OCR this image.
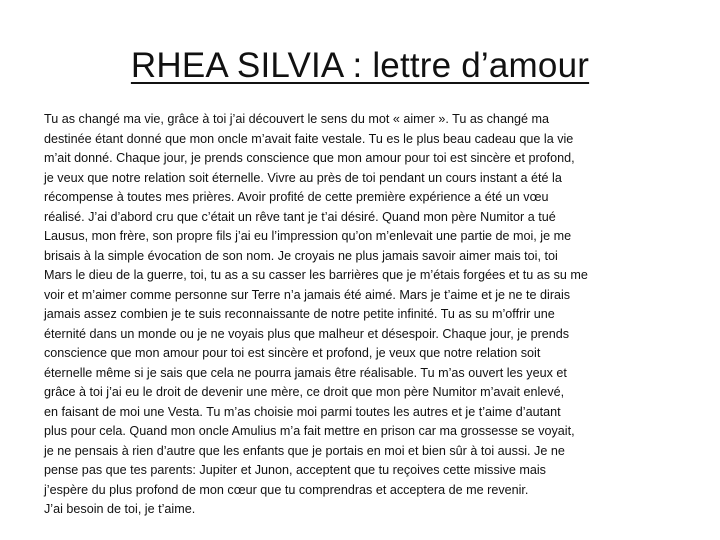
RHEA SILVIA : lettre d’amour
Tu as changé ma vie, grâce à toi j’ai découvert le sens du mot « aimer ». Tu as changé ma
destinée étant donné que mon oncle m’avait faite vestale. Tu es le plus beau cadeau que la vie
m’ait donné. Chaque jour, je prends conscience que mon amour pour toi est sincère et profond,
je veux que notre relation soit éternelle. Vivre au près de toi pendant un cours instant a été la
récompense à toutes mes prières. Avoir profité de cette première expérience a été un vœu
réalisé. J’ai d’abord cru que c’était un rêve tant je t’ai désiré. Quand mon père Numitor a tué
Lausus, mon frère, son propre fils j’ai eu l’impression qu’on m’enlevait une partie de moi, je me
brisais à la simple évocation de son nom. Je croyais ne plus jamais savoir aimer mais toi, toi
Mars le dieu de la guerre, toi, tu as a su casser les barrières que je m’étais forgées et tu as su me
voir et m’aimer comme personne sur Terre n’a jamais été aimé. Mars je t’aime et je ne te dirais
jamais assez combien je te suis reconnaissante de notre petite infinité. Tu as su m’offrir une
éternité dans un monde ou je ne voyais plus que malheur et désespoir. Chaque jour, je prends
conscience que mon amour pour toi est sincère et profond, je veux que notre relation soit
éternelle même si je sais que cela ne pourra jamais être réalisable. Tu m’as ouvert les yeux et
grâce à toi j’ai eu le droit de devenir une mère, ce droit que mon père Numitor m’avait enlevé,
en faisant de moi une Vesta. Tu m’as choisie moi parmi toutes les autres et je t’aime d’autant
plus pour cela. Quand mon oncle Amulius m’a fait mettre en prison car ma grossesse se voyait,
je ne pensais à rien d’autre que les enfants que je portais en moi et bien sûr à toi aussi. Je ne
pense pas que tes parents: Jupiter et Junon, acceptent que tu reçoives cette missive mais
j’espère du plus profond de mon cœur que tu comprendras et acceptera de me revenir.
J’ai besoin de toi, je t’aime.
